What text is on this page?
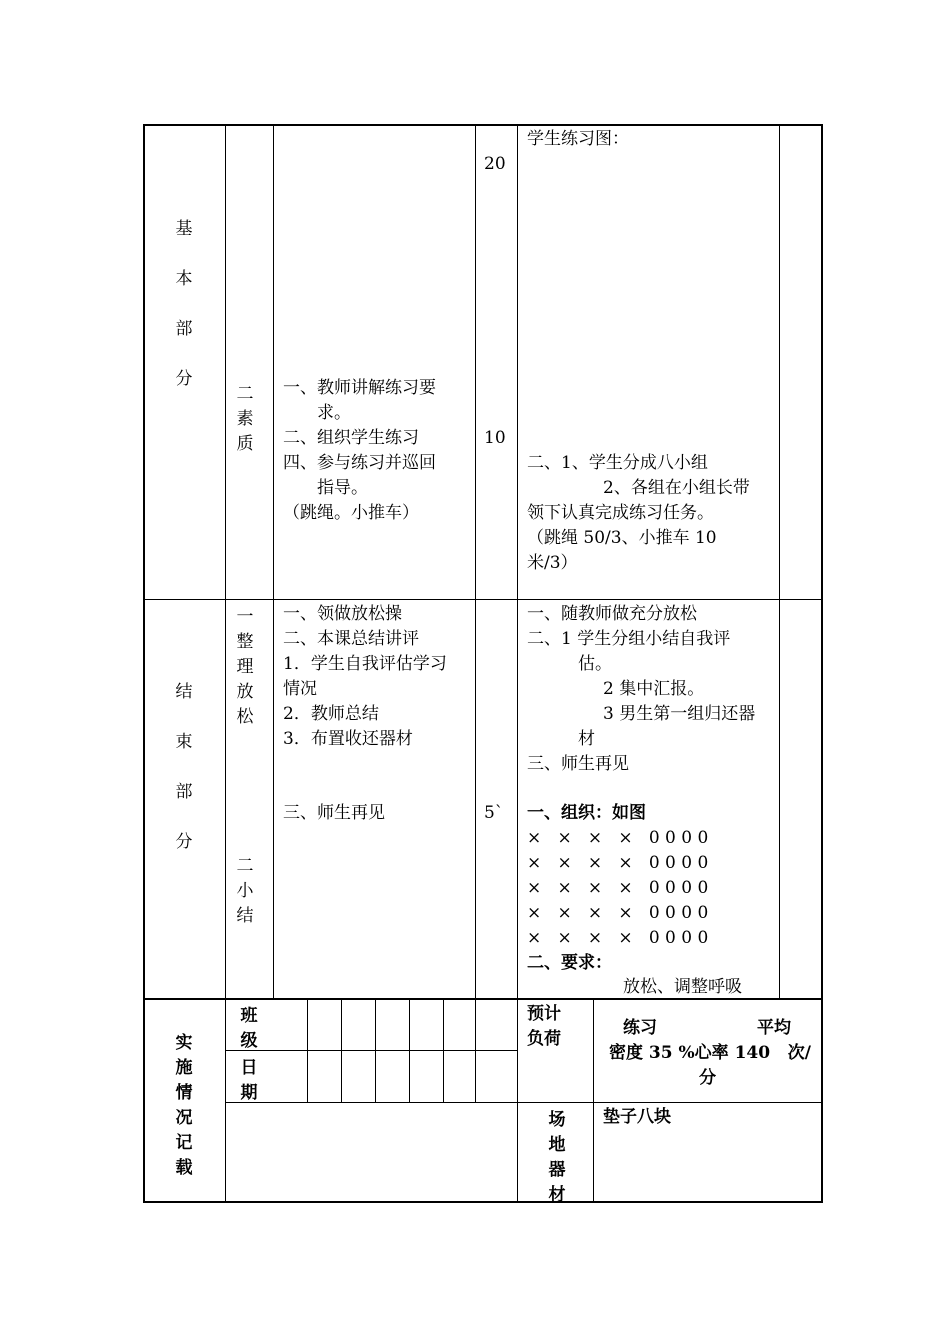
基
本
部
分
二
素
质
一、教师讲解练习要
求。
二、组织学生练习
四、参与练习并巡回
指导。
（跳绳。小推车）
20
10
学生练习图：
二、1、学生分成八小组
2、各组在小组长带
领下认真完成练习任务。
（跳绳 50/3、小推车 10
米/3）
结
束
部
分
一
整
理
放
松
二
小
结
一、领做放松操
二、本课总结讲评
1．学生自我评估学习
情况
2．教师总结
3．布置收还器材
三、师生再见	5`
一、随教师做充分放松
二、1 学生分组小结自我评
估。
2 集中汇报。
3 男生第一组归还器
材
三、师生再见
一、组织：如图
×   ×   ×   ×   0 0 0 0
×   ×   ×   ×   0 0 0 0
×   ×   ×   ×   0 0 0 0
×   ×   ×   ×   0 0 0 0
×   ×   ×   ×   0 0 0 0
二、要求：
放松、调整呼吸
实
施
情
况
记
载
班
级
日
期
预计
负荷
练习	平均
密度 35 %心率 140   次/
分
场
地
器
材
垫子八块
